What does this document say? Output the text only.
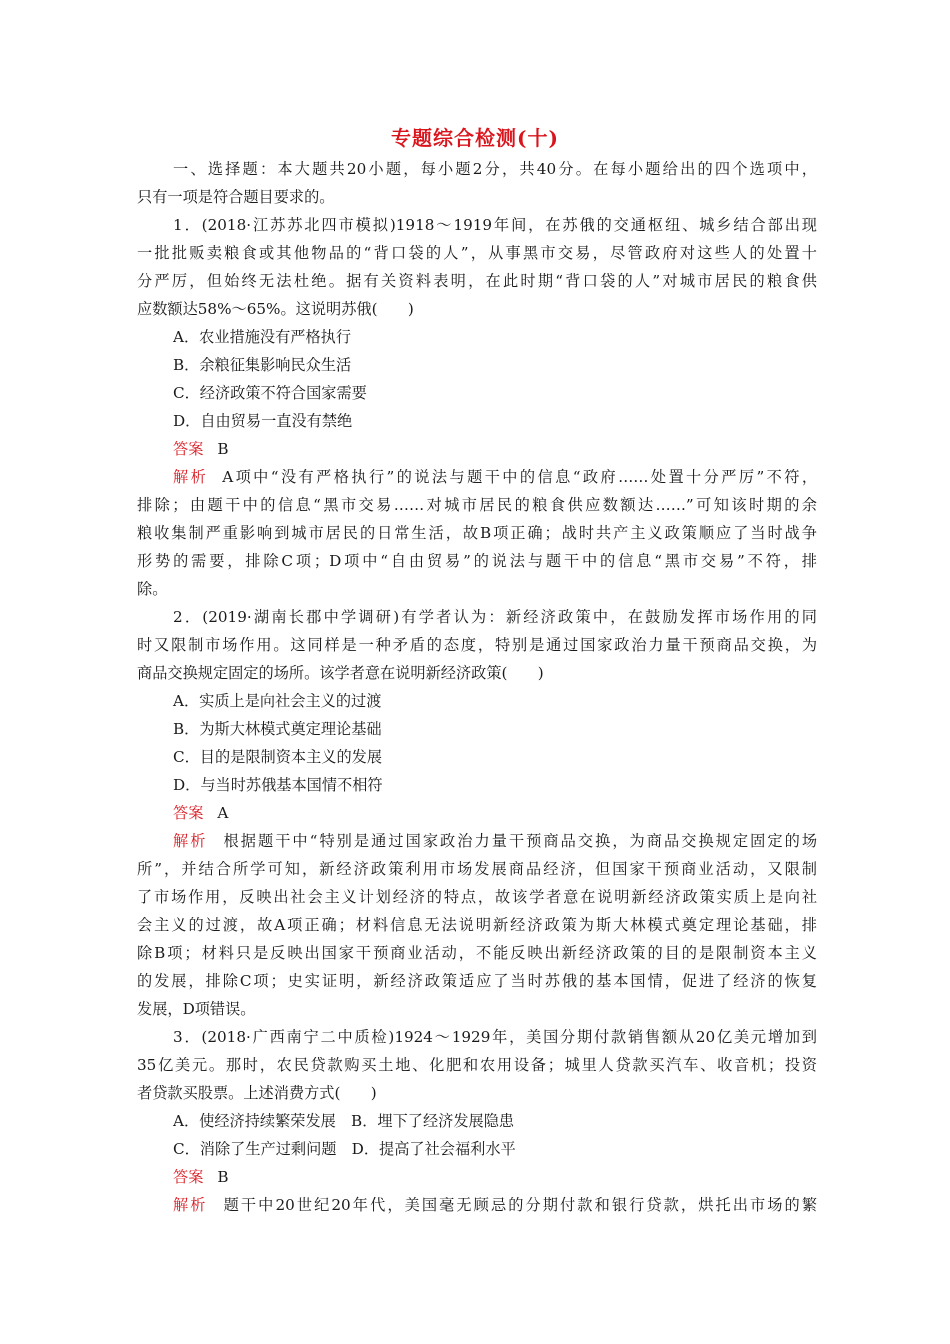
专题综合检测(十)
一、选择题：本大题共20小题，每小题2分，共40分。在每小题给出的四个选项中，
只有一项是符合题目要求的。
1．(2018·江苏苏北四市模拟)1918～1919年间，在苏俄的交通枢纽、城乡结合部出现
一批批贩卖粮食或其他物品的“背口袋的人”，从事黑市交易，尽管政府对这些人的处置十
分严厉，但始终无法杜绝。据有关资料表明，在此时期“背口袋的人”对城市居民的粮食供
应数额达58%～65%。这说明苏俄(　　)
A．农业措施没有严格执行
B．余粮征集影响民众生活
C．经济政策不符合国家需要
D．自由贸易一直没有禁绝
答案 B
解析 A项中“没有严格执行”的说法与题干中的信息“政府……处置十分严厉”不符，
排除；由题干中的信息“黑市交易……对城市居民的粮食供应数额达……”可知该时期的余
粮收集制严重影响到城市居民的日常生活，故B项正确；战时共产主义政策顺应了当时战争
形势的需要，排除C项；D项中“自由贸易”的说法与题干中的信息“黑市交易”不符，排
除。
2．(2019·湖南长郡中学调研)有学者认为：新经济政策中，在鼓励发挥市场作用的同
时又限制市场作用。这同样是一种矛盾的态度，特别是通过国家政治力量干预商品交换，为
商品交换规定固定的场所。该学者意在说明新经济政策(　　)
A．实质上是向社会主义的过渡
B．为斯大林模式奠定理论基础
C．目的是限制资本主义的发展
D．与当时苏俄基本国情不相符
答案 A
解析 根据题干中“特别是通过国家政治力量干预商品交换，为商品交换规定固定的场
所”，并结合所学可知，新经济政策利用市场发展商品经济，但国家干预商业活动，又限制
了市场作用，反映出社会主义计划经济的特点，故该学者意在说明新经济政策实质上是向社
会主义的过渡，故A项正确；材料信息无法说明新经济政策为斯大林模式奠定理论基础，排
除B项；材料只是反映出国家干预商业活动，不能反映出新经济政策的目的是限制资本主义
的发展，排除C项；史实证明，新经济政策适应了当时苏俄的基本国情，促进了经济的恢复
发展，D项错误。
3．(2018·广西南宁二中质检)1924～1929年，美国分期付款销售额从20亿美元增加到
35亿美元。那时，农民贷款购买土地、化肥和农用设备；城里人贷款买汽车、收音机；投资
者贷款买股票。上述消费方式(　　)
A．使经济持续繁荣发展　B．埋下了经济发展隐患
C．消除了生产过剩问题　D．提高了社会福利水平
答案 B
解析 题干中20世纪20年代，美国毫无顾忌的分期付款和银行贷款，烘托出市场的繁
